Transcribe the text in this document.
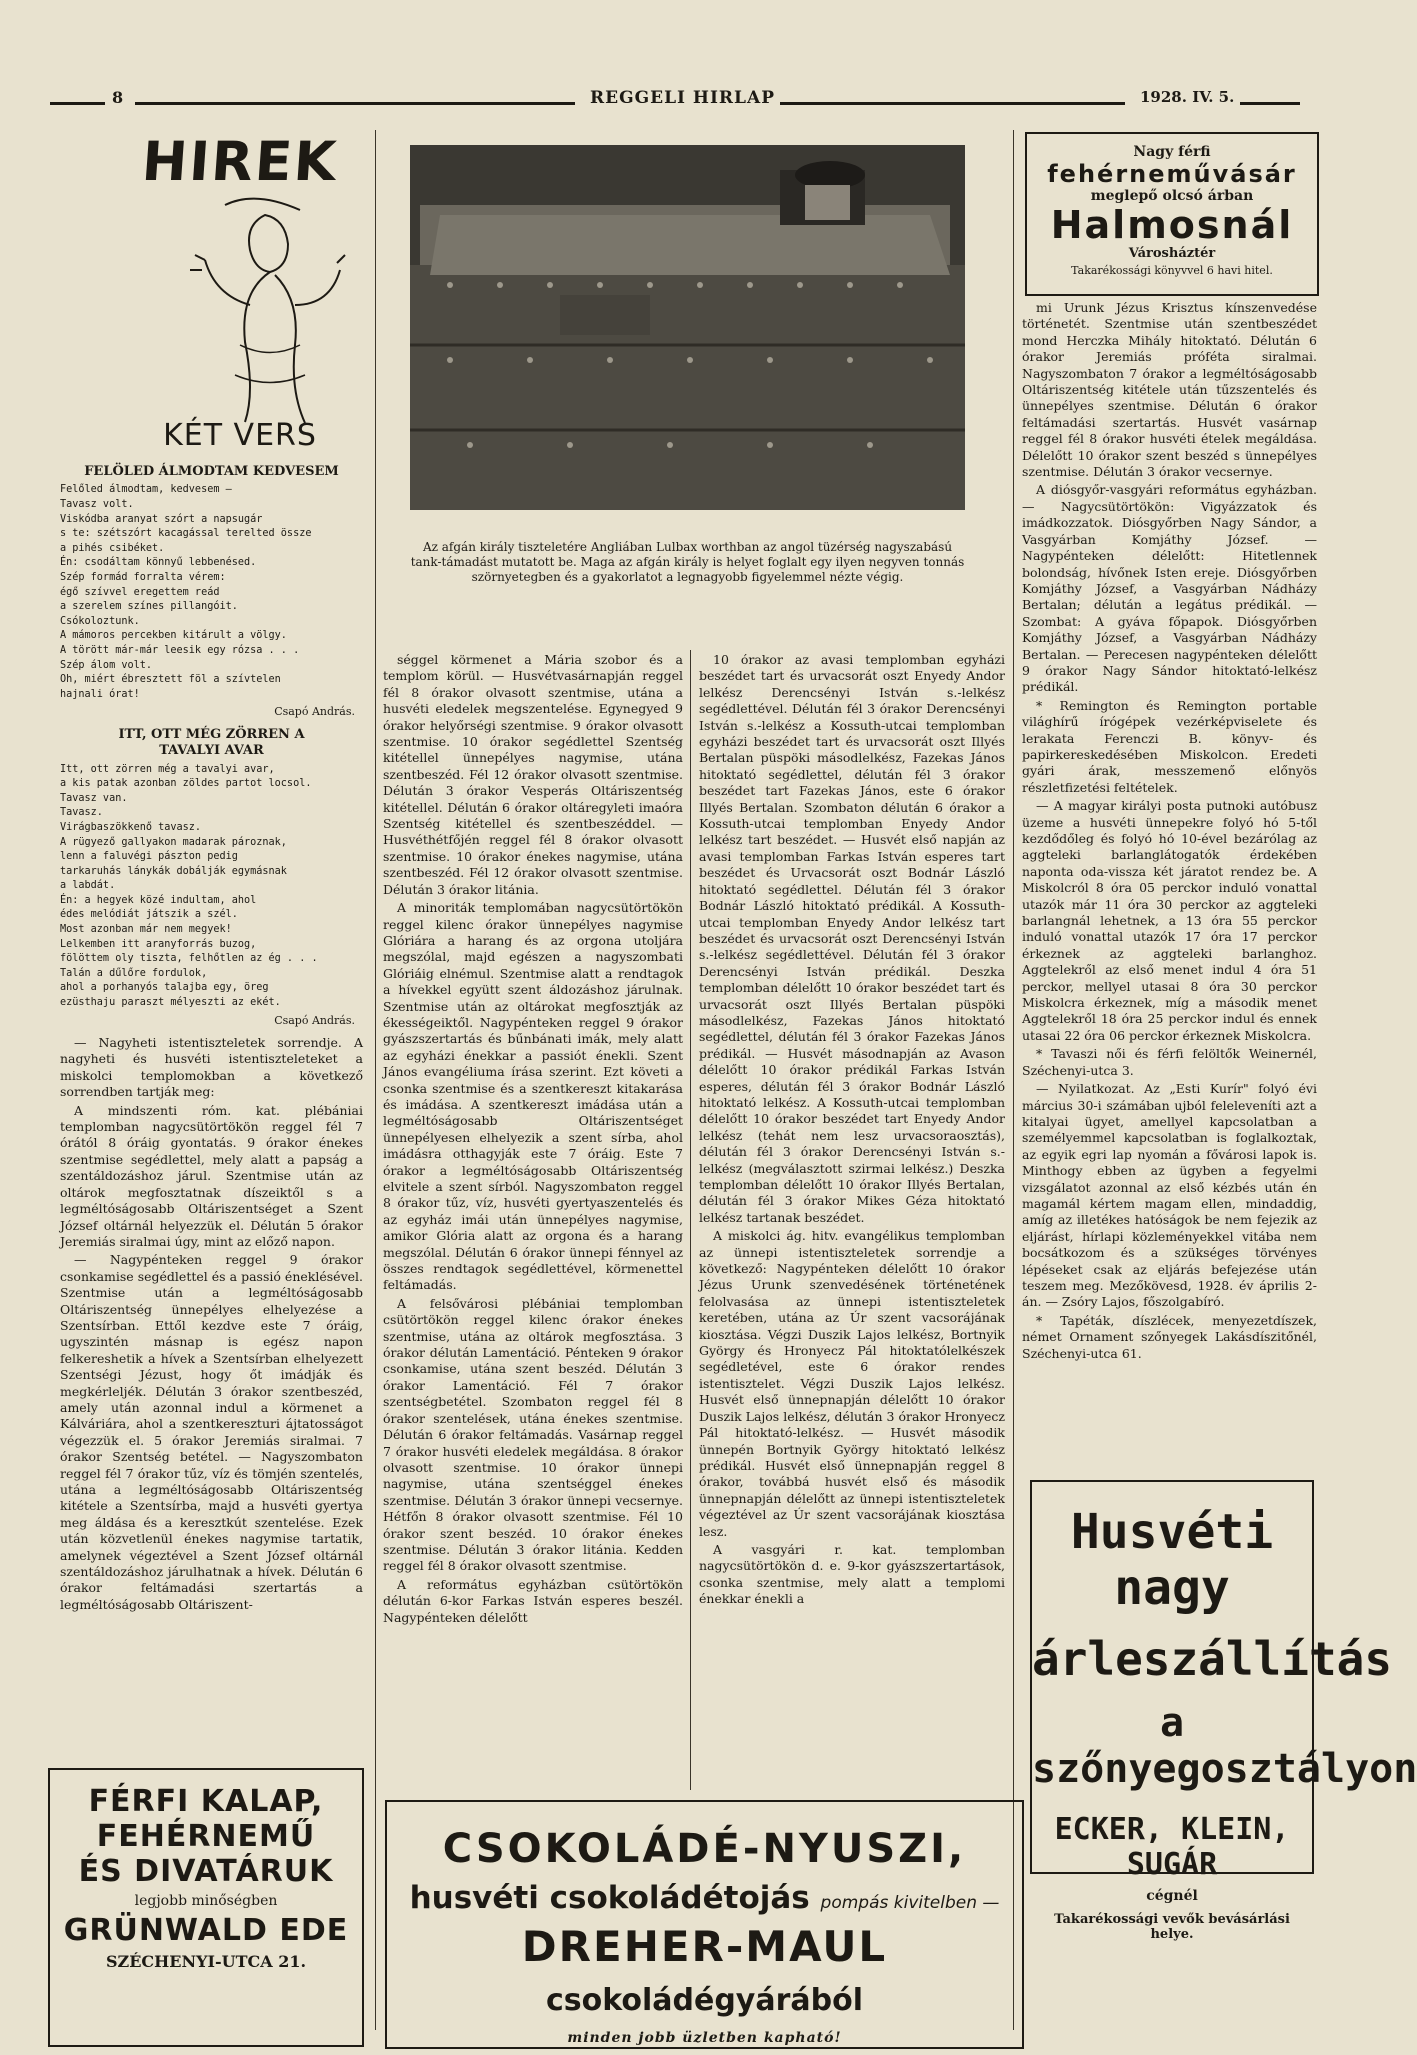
8	REGGELI HIRLAP	1928. IV. 5.
HIREK
KÉT VERS
FELÖLED ÁLMODTAM KEDVESEM
Felőled álmodtam, kedvesem —
Tavasz volt.
Viskódba aranyat szórt a napsugár
s te: szétszórt kacagással terelted össze
a pihés csibéket.
Én: csodáltam könnyű lebbenésed.
Szép formád forralta vérem:
égő szívvel eregettem reád
a szerelem színes pillangóit.
Csókoloztunk.
A mámoros percekben kitárult a völgy.
A törött már-már leesik egy rózsa . . .
Szép álom volt.
Oh, miért ébresztett föl a szívtelen
hajnali órat!
Csapó András.
ITT, OTT MÉG ZÖRREN A TAVALYI AVAR
Itt, ott zörren még a tavalyi avar,
a kis patak azonban zöldes partot locsol.
Tavasz van.
Tavasz.
Virágbaszökkenő tavasz.
A rügyező gallyakon madarak pároznak,
lenn a faluvégi pászton pedig
tarkaruhás lánykák dobálják egymásnak
a labdát.
Én: a hegyek közé indultam, ahol
édes melódiát játszik a szél.
Most azonban már nem megyek!
Lelkemben itt aranyforrás buzog,
fölöttem oly tiszta, felhőtlen az ég . . .
Talán a dűlőre fordulok,
ahol a porhanyós talajba egy, öreg
ezüsthaju paraszt mélyeszti az ekét.
Csapó András.

— Nagyheti istentiszteletek sorrendje. A nagyheti és husvéti istentiszteleteket a miskolci templomokban a következő sorrendben tartják meg:

A mindszenti róm. kat. plébániai templomban nagycsütörtökön reggel fél 7 órától 8 óráig gyontatás. 9 órakor énekes szentmise segédlettel, mely alatt a papság a szentáldozáshoz járul. Szentmise után az oltárok megfosztatnak díszeiktől s a legméltóságosabb Oltáriszentséget a Szent József oltárnál helyezzük el. Délután 5 órakor Jeremiás siralmai úgy, mint az előző napon.

— Nagypénteken reggel 9 órakor csonkamise segédlettel és a passió éneklésével. Szentmise után a legméltóságosabb Oltáriszentség ünnepélyes elhelyezése a Szentsírban. Ettől kezdve este 7 óráig, ugyszintén másnap is egész napon felkereshetik a hívek a Szentsírban elhelyezett Szentségi Jézust, hogy őt imádják és megkérleljék. Délután 3 órakor szentbeszéd, amely után azonnal indul a körmenet a Kálváriára, ahol a szentkereszturi ájtatosságot végezzük el. 5 órakor Jeremiás siralmai. 7 órakor Szentség betétel. — Nagyszombaton reggel fél 7 órakor tűz, víz és tömjén szentelés, utána a legméltóságosabb Oltáriszentség kitétele a Szentsírba, majd a husvéti gyertya meg áldása és a keresztkút szentelése. Ezek után közvetlenül énekes nagymise tartatik, amelynek végeztével a Szent József oltárnál szentáldozáshoz járulhatnak a hívek. Délután 6 órakor feltámadási szertartás a legméltóságosabb Oltáriszent-

FÉRFI KALAP,
FEHÉRNEMŰ
ÉS DIVATÁRUK
legjobb minőségben
GRÜNWALD EDE
SZÉCHENYI-UTCA 21.
Az afgán király tiszteletére Angliában Lulbax worthban az angol tüzérség nagyszabású tank-támadást mutatott be. Maga az afgán király is helyet foglalt egy ilyen negyven tonnás szörnyetegben és a gyakorlatot a legnagyobb figyelemmel nézte végig.

séggel körmenet a Mária szobor és a templom körül. — Husvétvasárnapján reggel fél 8 órakor olvasott szentmise, utána a husvéti eledelek megszentelése. Egynegyed 9 órakor helyőrségi szentmise. 9 órakor olvasott szentmise. 10 órakor segédlettel Szentség kitétellel ünnepélyes nagymise, utána szentbeszéd. Fél 12 órakor olvasott szentmise. Délután 3 órakor Vesperás Oltáriszentség kitétellel. Délután 6 órakor oltáregyleti imaóra Szentség kitétellel és szentbeszéddel. — Husvéthétfőjén reggel fél 8 órakor olvasott szentmise. 10 órakor énekes nagymise, utána szentbeszéd. Fél 12 órakor olvasott szentmise. Délután 3 órakor litánia.

A minoriták templomában nagycsütörtökön reggel kilenc órakor ünnepélyes nagymise Glóriára a harang és az orgona utoljára megszólal, majd egészen a nagyszombati Glóriáig elnémul. Szentmise alatt a rendtagok a hívekkel együtt szent áldozáshoz járulnak. Szentmise után az oltárokat megfosztják az ékességeiktől. Nagypénteken reggel 9 órakor gyászszertartás és bűnbánati imák, mely alatt az egyházi énekkar a passiót énekli. Szent János evangéliuma írása szerint. Ezt követi a csonka szentmise és a szentkereszt kitakarása és imádása. A szentkereszt imádása után a legméltóságosabb Oltáriszentséget ünnepélyesen elhelyezik a szent sírba, ahol imádásra otthagyják este 7 óráig. Este 7 órakor a legméltóságosabb Oltáriszentség elvitele a szent sírból. Nagyszombaton reggel 8 órakor tűz, víz, husvéti gyertyaszentelés és az egyház imái után ünnepélyes nagymise, amikor Glória alatt az orgona és a harang megszólal. Délután 6 órakor ünnepi fénnyel az összes rendtagok segédlettével, körmenettel feltámadás.

A felsővárosi plébániai templomban csütörtökön reggel kilenc órakor énekes szentmise, utána az oltárok megfosztása. 3 órakor délután Lamentáció. Pénteken 9 órakor csonkamise, utána szent beszéd. Délután 3 órakor Lamentáció. Fél 7 órakor szentségbetétel. Szombaton reggel fél 8 órakor szentelések, utána énekes szentmise. Délután 6 órakor feltámadás. Vasárnap reggel 7 órakor husvéti eledelek megáldása. 8 órakor olvasott szentmise. 10 órakor ünnepi nagymise, utána szentséggel énekes szentmise. Délután 3 órakor ünnepi vecsernye. Hétfőn 8 órakor olvasott szentmise. Fél 10 órakor szent beszéd. 10 órakor énekes szentmise. Délután 3 órakor litánia. Kedden reggel fél 8 órakor olvasott szentmise.

A református egyházban csütörtökön délután 6-kor Farkas István esperes beszél. Nagypénteken délelőtt

10 órakor az avasi templomban egyházi beszédet tart és urvacsorát oszt Enyedy Andor lelkész Derencsényi István s.-lelkész segédlettével. Délután fél 3 órakor Derencsényi István s.-lelkész a Kossuth-utcai templomban egyházi beszédet tart és urvacsorát oszt Illyés Bertalan püspöki másodlelkész, Fazekas János hitoktató segédlettel, délután fél 3 órakor beszédet tart Fazekas János, este 6 órakor Illyés Bertalan. Szombaton délután 6 órakor a Kossuth-utcai templomban Enyedy Andor lelkész tart beszédet. — Husvét első napján az avasi templomban Farkas István esperes tart beszédet és Urvacsorát oszt Bodnár László hitoktató segédlettel. Délután fél 3 órakor Bodnár László hitoktató prédikál. A Kossuth-utcai templomban Enyedy Andor lelkész tart beszédet és urvacsorát oszt Derencsényi István s.-lelkész segédlettével. Délután fél 3 órakor Derencsényi István prédikál. Deszka templomban délelőtt 10 órakor beszédet tart és urvacsorát oszt Illyés Bertalan püspöki másodlelkész, Fazekas János hitoktató segédlettel, délután fél 3 órakor Fazekas János prédikál. — Husvét másodnapján az Avason délelőtt 10 órakor prédikál Farkas István esperes, délután fél 3 órakor Bodnár László hitoktató lelkész. A Kossuth-utcai templomban délelőtt 10 órakor beszédet tart Enyedy Andor lelkész (tehát nem lesz urvacsoraosztás), délután fél 3 órakor Derencsényi István s.-lelkész (megválasztott szirmai lelkész.) Deszka templomban délelőtt 10 órakor Illyés Bertalan, délután fél 3 órakor Mikes Géza hitoktató lelkész tartanak beszédet.

A miskolci ág. hitv. evangélikus templomban az ünnepi istentiszteletek sorrendje a következő: Nagypénteken délelőtt 10 órakor Jézus Urunk szenvedésének történetének felolvasása az ünnepi istentiszteletek keretében, utána az Úr szent vacsorájának kiosztása. Végzi Duszik Lajos lelkész, Bortnyik György és Hronyecz Pál hitoktatólelkészek segédletével, este 6 órakor rendes istentisztelet. Végzi Duszik Lajos lelkész. Husvét első ünnepnapján délelőtt 10 órakor Duszik Lajos lelkész, délután 3 órakor Hronyecz Pál hitoktató-lelkész. — Husvét második ünnepén Bortnyik György hitoktató lelkész prédikál. Husvét első ünnepnapján reggel 8 órakor, továbbá husvét első és második ünnepnapján délelőtt az ünnepi istentiszteletek végeztével az Úr szent vacsorájának kiosztása lesz.

A vasgyári r. kat. templomban nagycsütörtökön d. e. 9-kor gyászszertartások, csonka szentmise, mely alatt a templomi énekkar énekli a

CSOKOLÁDÉ-NYUSZI,
husvéti csokoládétojás pompás kivitelben —
DREHER-MAUL csokoládégyárából
minden jobb üzletben kapható!
Nagy férfi
fehérneművásár
meglepő olcsó árban
Halmosnál
Városháztér
Takarékossági könyvvel 6 havi hitel.

mi Urunk Jézus Krisztus kínszenvedése történetét. Szentmise után szentbeszédet mond Herczka Mihály hitoktató. Délután 6 órakor Jeremiás próféta siralmai. Nagyszombaton 7 órakor a legméltóságosabb Oltáriszentség kitétele után tűzszentelés és ünnepélyes szentmise. Délután 6 órakor feltámadási szertartás. Husvét vasárnap reggel fél 8 órakor husvéti ételek megáldása. Délelőtt 10 órakor szent beszéd s ünnepélyes szentmise. Délután 3 órakor vecsernye.

A diósgyőr-vasgyári református egyházban. — Nagycsütörtökön: Vigyázzatok és imádkozzatok. Diósgyőrben Nagy Sándor, a Vasgyárban Komjáthy József. — Nagypénteken délelőtt: Hitetlennek bolondság, hívőnek Isten ereje. Diósgyőrben Komjáthy József, a Vasgyárban Nádházy Bertalan; délután a legátus prédikál. — Szombat: A gyáva főpapok. Diósgyőrben Komjáthy József, a Vasgyárban Nádházy Bertalan. — Perecesen nagypénteken délelőtt 9 órakor Nagy Sándor hitoktató-lelkész prédikál.

* Remington és Remington portable világhírű írógépek vezérképviselete és lerakata Ferenczi B. könyv- és papirkereskedésében Miskolcon. Eredeti gyári árak, messzemenő előnyös részletfizetési feltételek.

— A magyar királyi posta putnoki autóbusz üzeme a husvéti ünnepekre folyó hó 5-től kezdődőleg és folyó hó 10-ével bezárólag az aggteleki barlanglátogatók érdekében naponta oda-vissza két járatot rendez be. A Miskolcról 8 óra 05 perckor induló vonattal utazók már 11 óra 30 perckor az aggteleki barlangnál lehetnek, a 13 óra 55 perckor induló vonattal utazók 17 óra 17 perckor érkeznek az aggteleki barlanghoz. Aggtelekről az első menet indul 4 óra 51 perckor, mellyel utasai 8 óra 30 perckor Miskolcra érkeznek, míg a második menet Aggtelekről 18 óra 25 perckor indul és ennek utasai 22 óra 06 perckor érkeznek Miskolcra.

* Tavaszi női és férfi felöltők Weinernél, Széchenyi-utca 3.

— Nyilatkozat. Az „Esti Kurír" folyó évi március 30-i számában ujból feleleveníti azt a kitalyai ügyet, amellyel kapcsolatban a személyemmel kapcsolatban is foglalkoztak, az egyik egri lap nyomán a fővárosi lapok is. Minthogy ebben az ügyben a fegyelmi vizsgálatot azonnal az első kézbés után én magamál kértem magam ellen, mindaddig, amíg az illetékes hatóságok be nem fejezik az eljárást, hírlapi közleményekkel vitába nem bocsátkozom és a szükséges törvényes lépéseket csak az eljárás befejezése után teszem meg. Mezőkövesd, 1928. év április 2-án. — Zsóry Lajos, főszolgabíró.

* Tapéták, díszlécek, menyezetdíszek, német Ornament szőnyegek Lakásdíszitőnél, Széchenyi-utca 61.

Husvéti nagy
árleszállítás
a szőnyegosztályon
ECKER, KLEIN, SUGÁR
cégnél
Takarékossági vevők bevásárlási helye.
